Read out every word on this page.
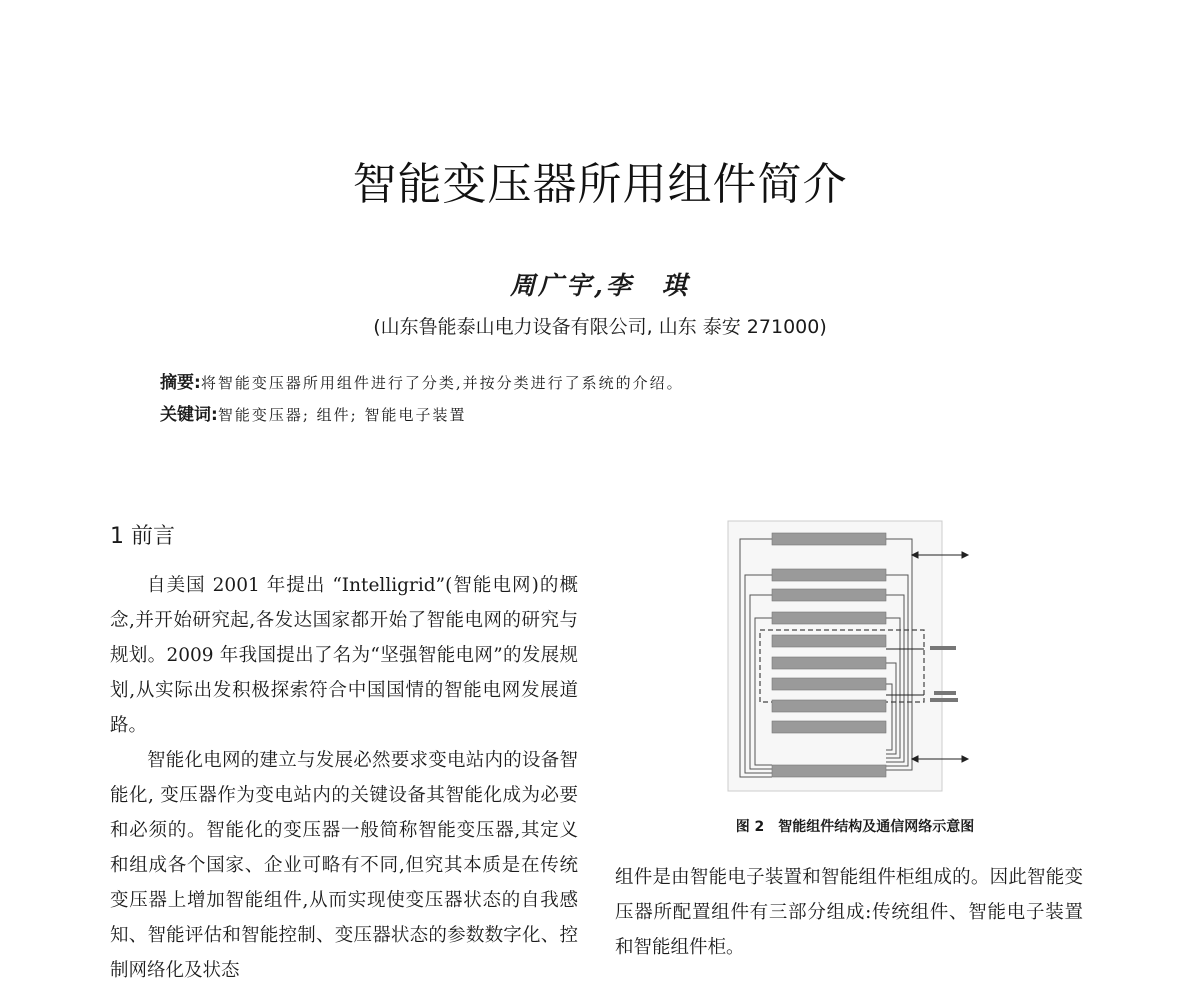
智能变压器所用组件简介
周广宇,李　琪
(山东鲁能泰山电力设备有限公司, 山东 泰安 271000)
摘要:将智能变压器所用组件进行了分类,并按分类进行了系统的介绍。
关键词:智能变压器; 组件; 智能电子装置
1 前言

自美国 2001 年提出 “Intelligrid”(智能电网)的概念,并开始研究起,各发达国家都开始了智能电网的研究与规划。2009 年我国提出了名为“坚强智能电网”的发展规划,从实际出发积极探索符合中国国情的智能电网发展道路。

智能化电网的建立与发展必然要求变电站内的设备智能化, 变压器作为变电站内的关键设备其智能化成为必要和必须的。智能化的变压器一般简称智能变压器,其定义和组成各个国家、企业可略有不同,但究其本质是在传统变压器上增加智能组件,从而实现使变压器状态的自我感知、智能评估和智能控制、变压器状态的参数数字化、控制网络化及状态

图 2　智能组件结构及通信网络示意图

组件是由智能电子装置和智能组件柜组成的。因此智能变压器所配置组件有三部分组成:传统组件、智能电子装置和智能组件柜。
